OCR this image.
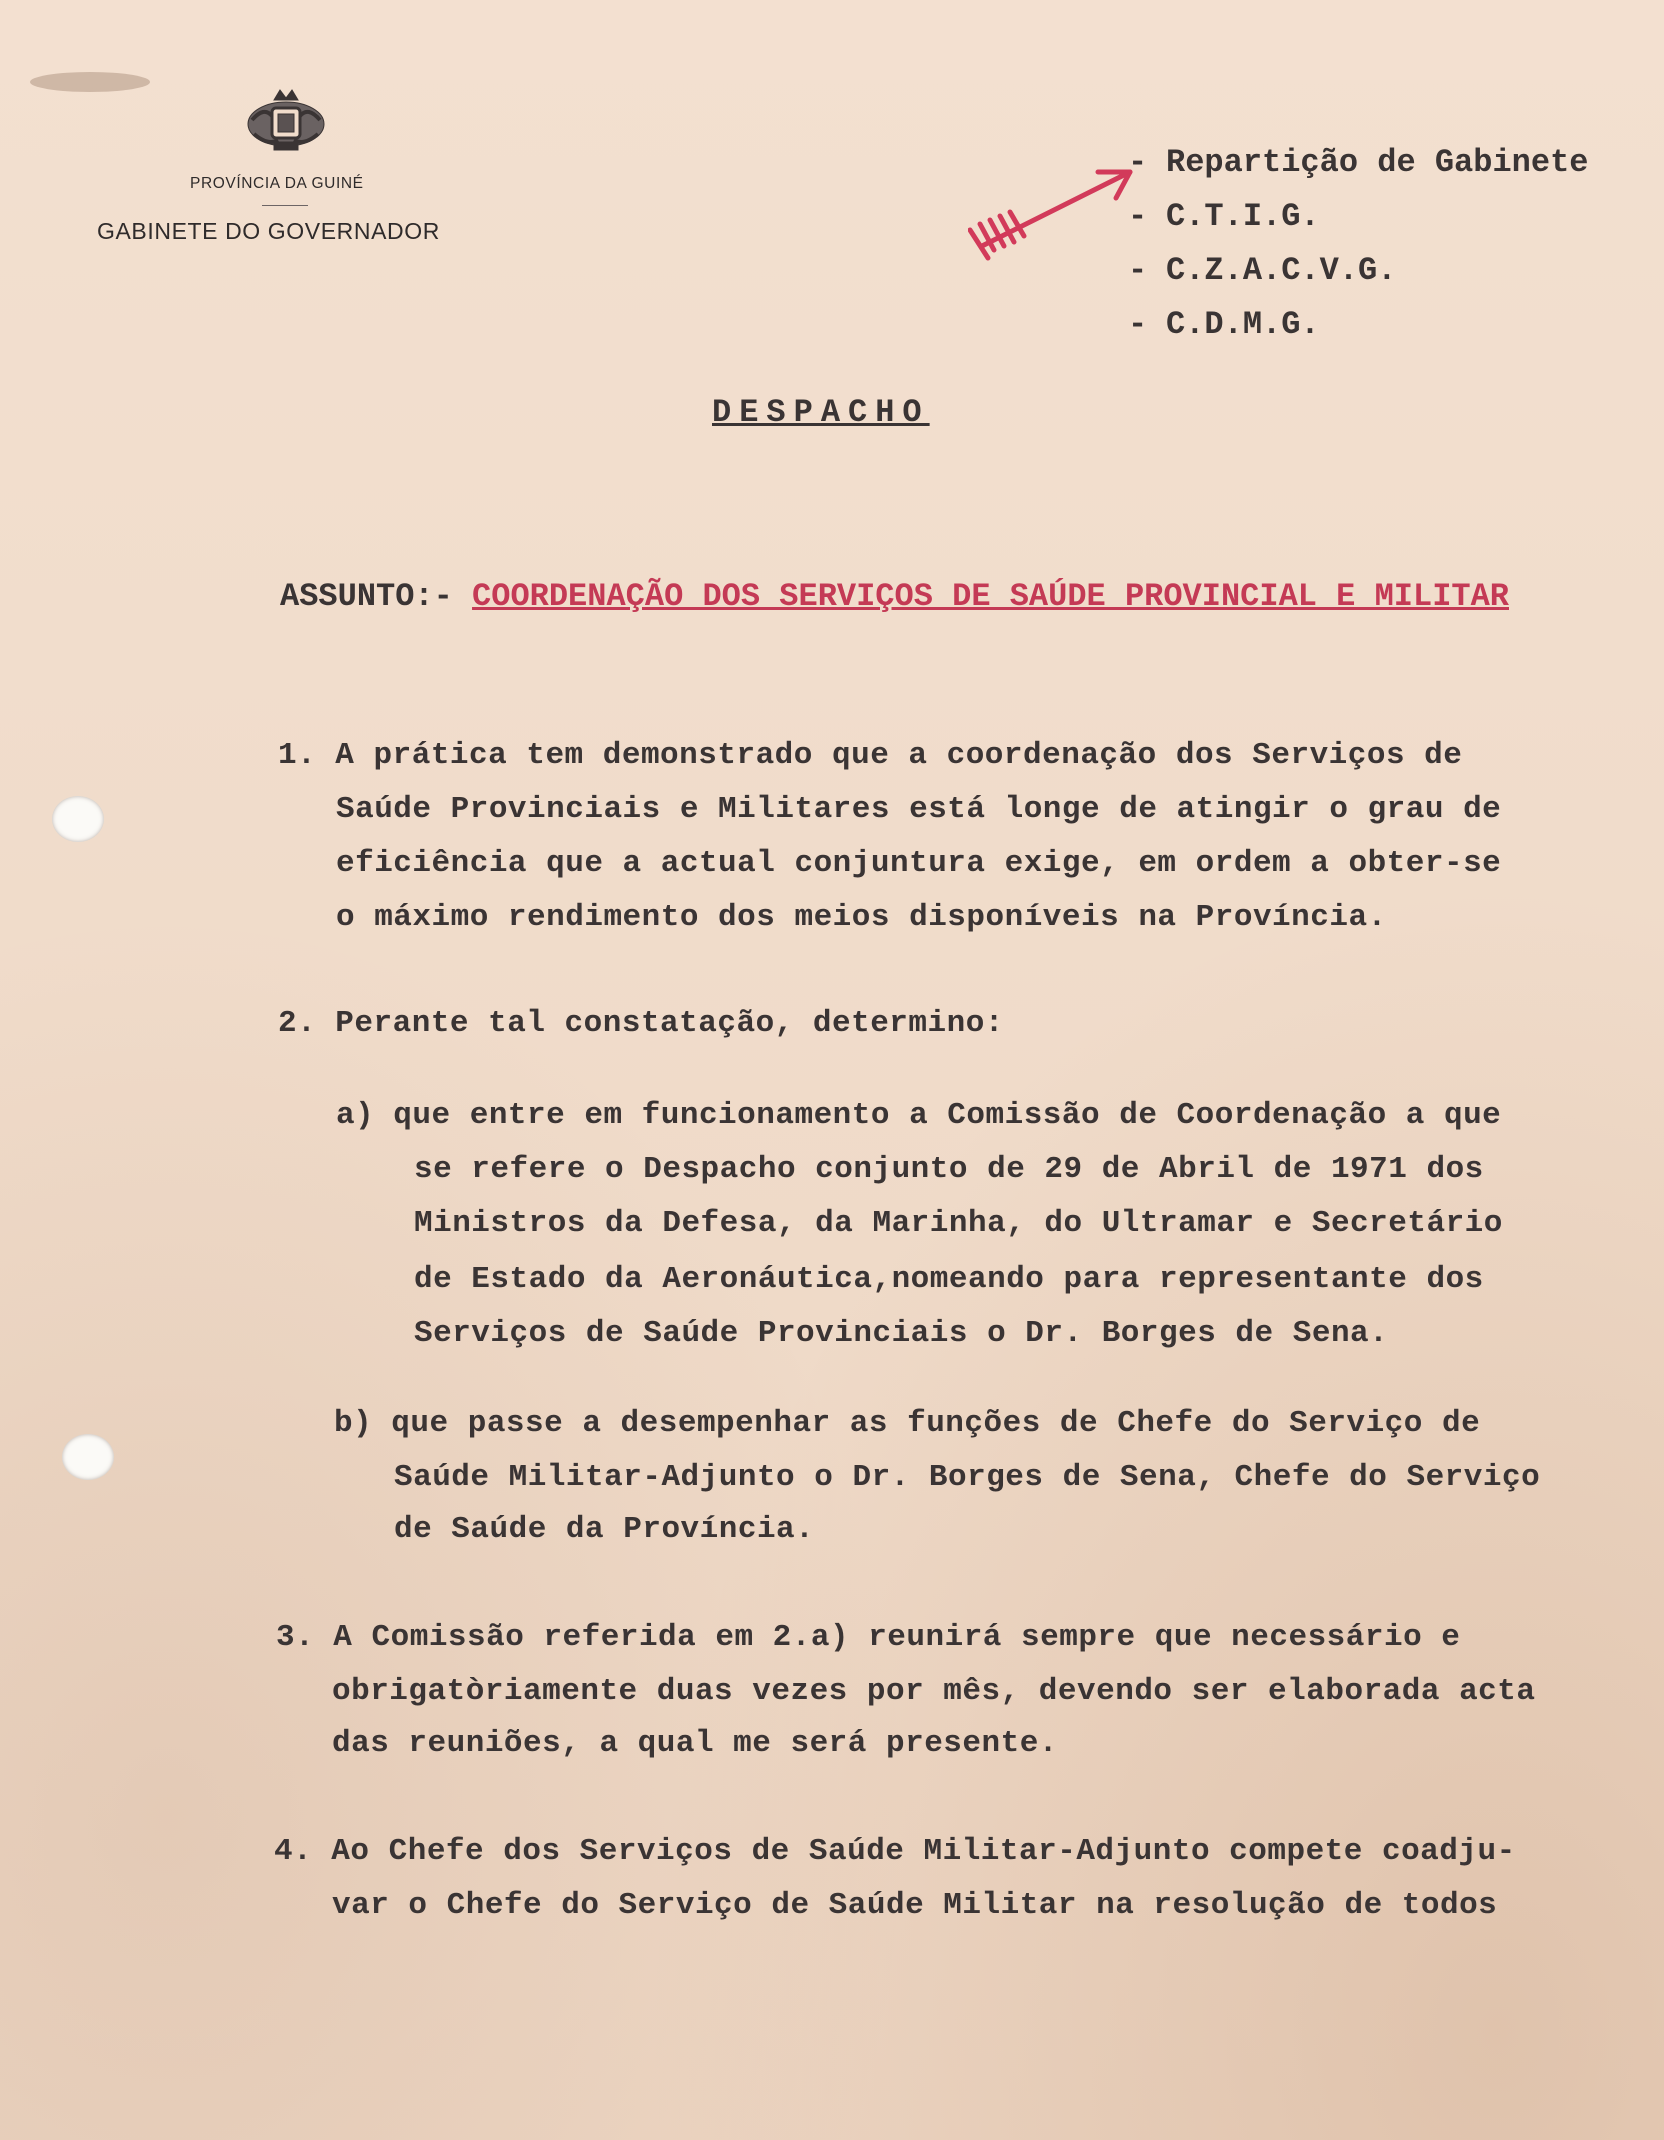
PROVÍNCIA DA GUINÉ
GABINETE DO GOVERNADOR
- Repartição de Gabinete
- C.T.I.G.
- C.Z.A.C.V.G.
- C.D.M.G.
DESPACHO
ASSUNTO:- COORDENAÇÃO DOS SERVIÇOS DE SAÚDE PROVINCIAL E MILITAR
1. A prática tem demonstrado que a coordenação dos Serviços de
Saúde Provinciais e Militares está longe de atingir o grau de
eficiência que a actual conjuntura exige, em ordem a obter-se
o máximo rendimento dos meios disponíveis na Província.
2. Perante tal constatação, determino:
a) que entre em funcionamento a Comissão de Coordenação a que
se refere o Despacho conjunto de 29 de Abril de 1971 dos
Ministros da Defesa, da Marinha, do Ultramar e Secretário
de Estado da Aeronáutica,nomeando para representante dos
Serviços de Saúde Provinciais o Dr. Borges de Sena.
b) que passe a desempenhar as funções de Chefe do Serviço de
Saúde Militar-Adjunto o Dr. Borges de Sena, Chefe do Serviço
de Saúde da Província.
3. A Comissão referida em 2.a) reunirá sempre que necessário e
obrigatòriamente duas vezes por mês, devendo ser elaborada acta
das reuniões, a qual me será presente.
4. Ao Chefe dos Serviços de Saúde Militar-Adjunto compete coadju-
var o Chefe do Serviço de Saúde Militar na resolução de todos
